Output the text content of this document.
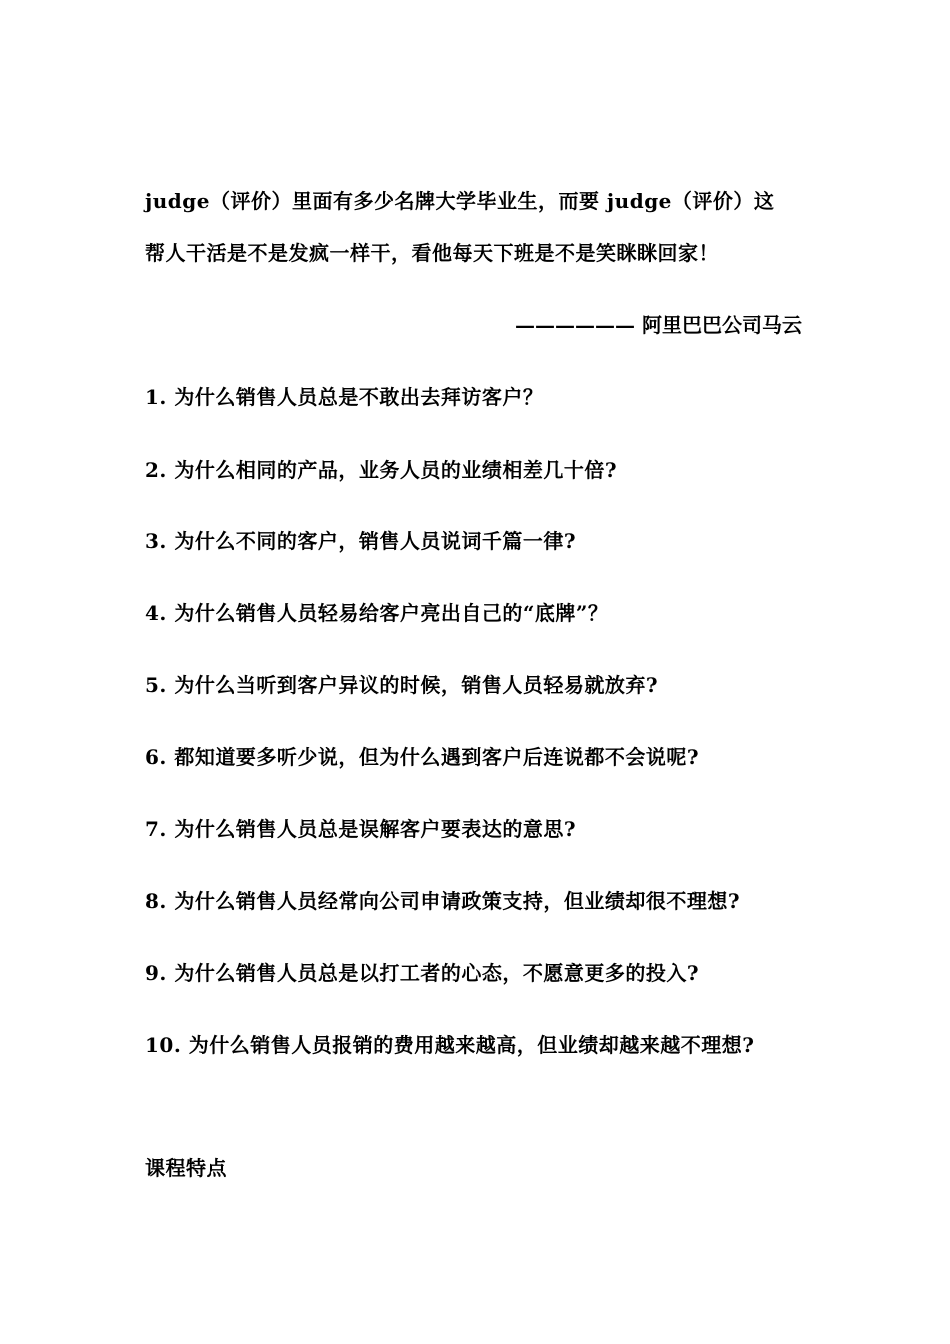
judge（评价）里面有多少名牌大学毕业生，而要 judge（评价）这
帮人干活是不是发疯一样干，看他每天下班是不是笑眯眯回家！
—————— 阿里巴巴公司马云
1. 为什么销售人员总是不敢出去拜访客户？
2. 为什么相同的产品，业务人员的业绩相差几十倍?
3. 为什么不同的客户，销售人员说词千篇一律?
4. 为什么销售人员轻易给客户亮出自己的“底牌”？
5. 为什么当听到客户异议的时候，销售人员轻易就放弃?
6. 都知道要多听少说，但为什么遇到客户后连说都不会说呢?
7. 为什么销售人员总是误解客户要表达的意思?
8. 为什么销售人员经常向公司申请政策支持，但业绩却很不理想?
9. 为什么销售人员总是以打工者的心态，不愿意更多的投入?
10. 为什么销售人员报销的费用越来越高，但业绩却越来越不理想?
课程特点
